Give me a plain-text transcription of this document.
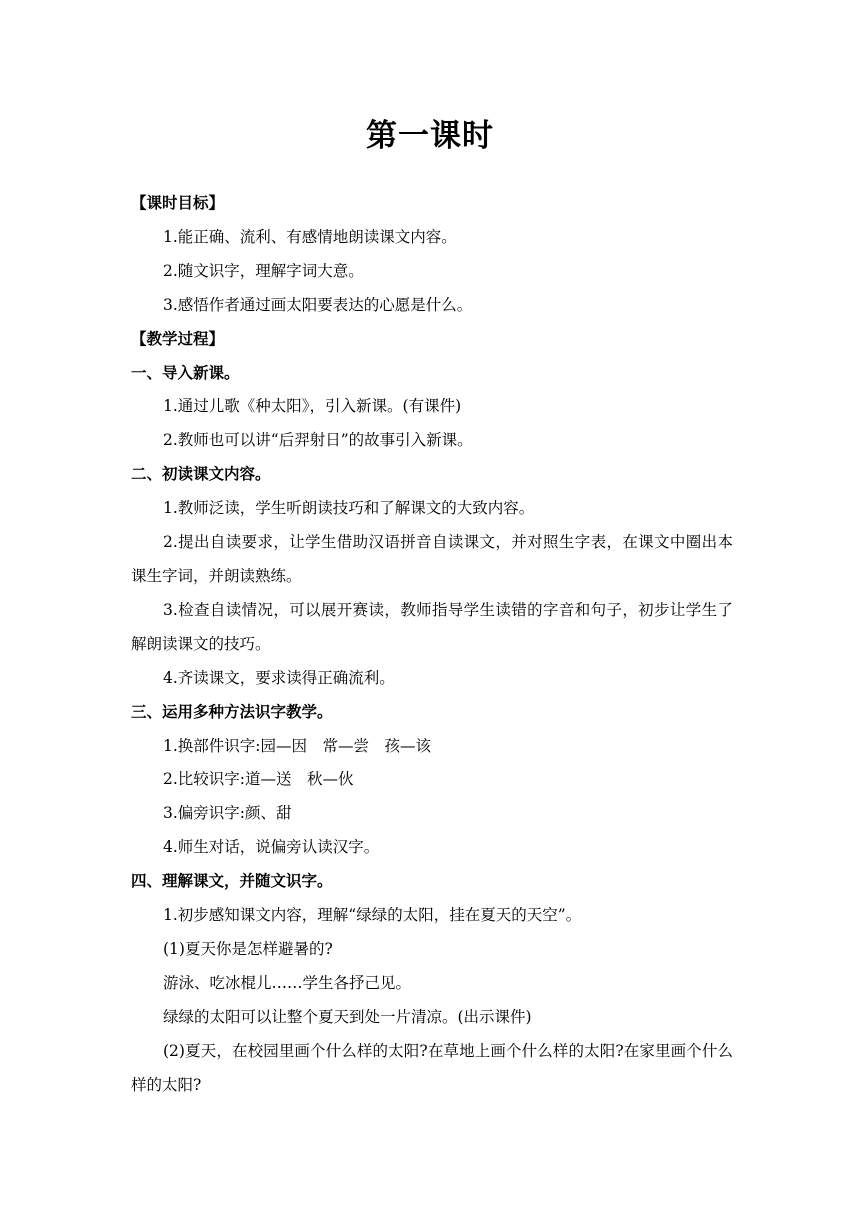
第一课时

【课时目标】

1.能正确、流利、有感情地朗读课文内容。

2.随文识字，理解字词大意。

3.感悟作者通过画太阳要表达的心愿是什么。

【教学过程】

一、导入新课。

1.通过儿歌《种太阳》，引入新课。(有课件)

2.教师也可以讲“后羿射日”的故事引入新课。

二、初读课文内容。

1.教师泛读，学生听朗读技巧和了解课文的大致内容。

2.提出自读要求，让学生借助汉语拼音自读课文，并对照生字表，在课文中圈出本课生字词，并朗读熟练。

3.检查自读情况，可以展开赛读，教师指导学生读错的字音和句子，初步让学生了解朗读课文的技巧。

4.齐读课文，要求读得正确流利。

三、运用多种方法识字教学。

1.换部件识字:园—因　常—尝　孩—该

2.比较识字:道—送　秋—伙

3.偏旁识字:颜、甜

4.师生对话，说偏旁认读汉字。

四、理解课文，并随文识字。

1.初步感知课文内容，理解“绿绿的太阳，挂在夏天的天空”。

(1)夏天你是怎样避暑的?

游泳、吃冰棍儿……学生各抒己见。

绿绿的太阳可以让整个夏天到处一片清凉。(出示课件)

(2)夏天，在校园里画个什么样的太阳?在草地上画个什么样的太阳?在家里画个什么样的太阳?
